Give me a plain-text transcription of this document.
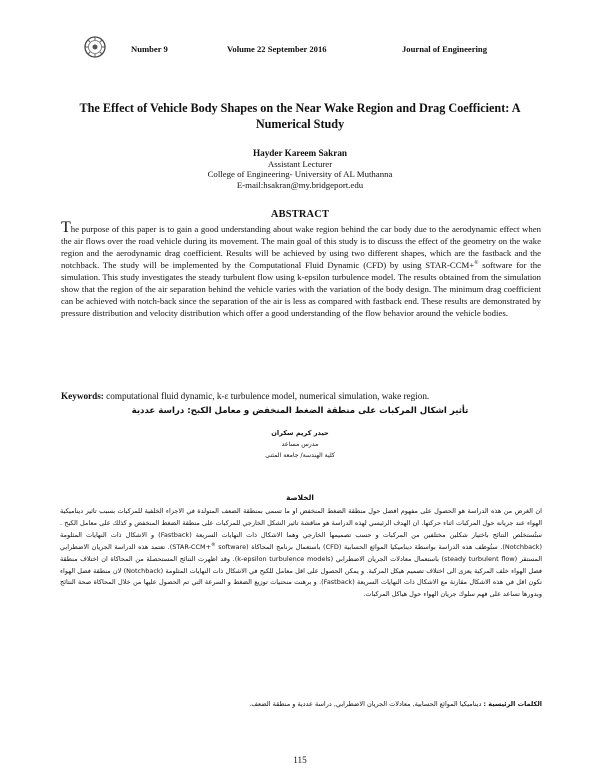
Number 9	Volume 22 September 2016	Journal of Engineering
The Effect of Vehicle Body Shapes on the Near Wake Region and Drag Coefficient: A Numerical Study
Hayder Kareem Sakran
Assistant Lecturer
College of Engineering- University of AL Muthanna
E-mail:hsakran@my.bridgeport.edu
ABSTRACT

The purpose of this paper is to gain a good understanding about wake region behind the car body due to the aerodynamic effect when the air flows over the road vehicle during its movement. The main goal of this study is to discuss the effect of the geometry on the wake region and the aerodynamic drag coefficient. Results will be achieved by using two different shapes, which are the fastback and the notchback. The study will be implemented by the Computational Fluid Dynamic (CFD) by using STAR-CCM+® software for the simulation. This study investigates the steady turbulent flow using k-epsilon turbulence model. The results obtained from the simulation show that the region of the air separation behind the vehicle varies with the variation of the body design. The minimum drag coefficient can be achieved with notch-back since the separation of the air is less as compared with fastback end. These results are demonstrated by pressure distribution and velocity distribution which offer a good understanding of the flow behavior around the vehicle bodies.

Keywords: computational fluid dynamic, k-ε turbulence model, numerical simulation, wake region.
تأثير اشكال المركبات على منطقة الضغط المنخفض و معامل الكبح: دراسة عددية
حيدر كريم سكران
مدرس مساعد
كلية الهندسة/ جامعة المثنى
الخلاصة

ان الغرض من هذه الدراسة هو الحصول على مفهوم افضل حول منطقة الضغط المنخفض او ما تسمى بمنطقة الضعف المتولدة في الاجزاء الخلفية للمركبات بسبب تاثير ديناميكية الهواء عند جريانه حول المركبات اثناء حركتها. ان الهدف الرئيسي لهذه الدراسة هو مناقشة تاثير الشكل الخارجي للمركبات على منطقة الضغط المنخفض و كذلك على معامل الكبح . ستُستخلص النتائج باختيار شكلين مختلفين من المركبات و حسب تصميمها الخارجي وهما الاشكال ذات النهايات السريعة (Fastback) و الاشكال ذات النهايات المثلومة (Notchback). ستُوظف هذه الدراسة بواسطة ديناميكيا الموائع الحسابية (CFD) باستعمال برنامج المحاكاة (STAR-CCM+® software). تعتمد هذه الدراسة الجريان الاضطرابي المستقر (steady turbulent flow) باستعمال معادلات الجريان الاضطرابي (k-epsilon turbulence models). وقد اظهرت النتائج المستحصلة من المحاكاة ان اختلاف منطقة فصل الهواء خلف المركبة يعزى الى اختلاف تصميم هيكل المركبة. و يمكن الحصول على اقل معامل للكبح في الاشكال ذات النهايات المثلومة (Notchback) لان منطقة فصل الهواء تكون اقل في هذه الاشكال مقارنة مع الاشكال ذات النهايات السريعة (Fastback). و برهنت منحنيات توزيع الضغط و السرعة التي تم الحصول عليها من خلال المحاكاة صحة النتائج وبدورها تساعد على فهم سلوك جريان الهواء حول هياكل المركبات.

الكلمات الرئيسية : ديناميكيا الموائع الحسابية, معادلات الجريان الاضطرابي, دراسة عددية و منطقة الضعف.
115
